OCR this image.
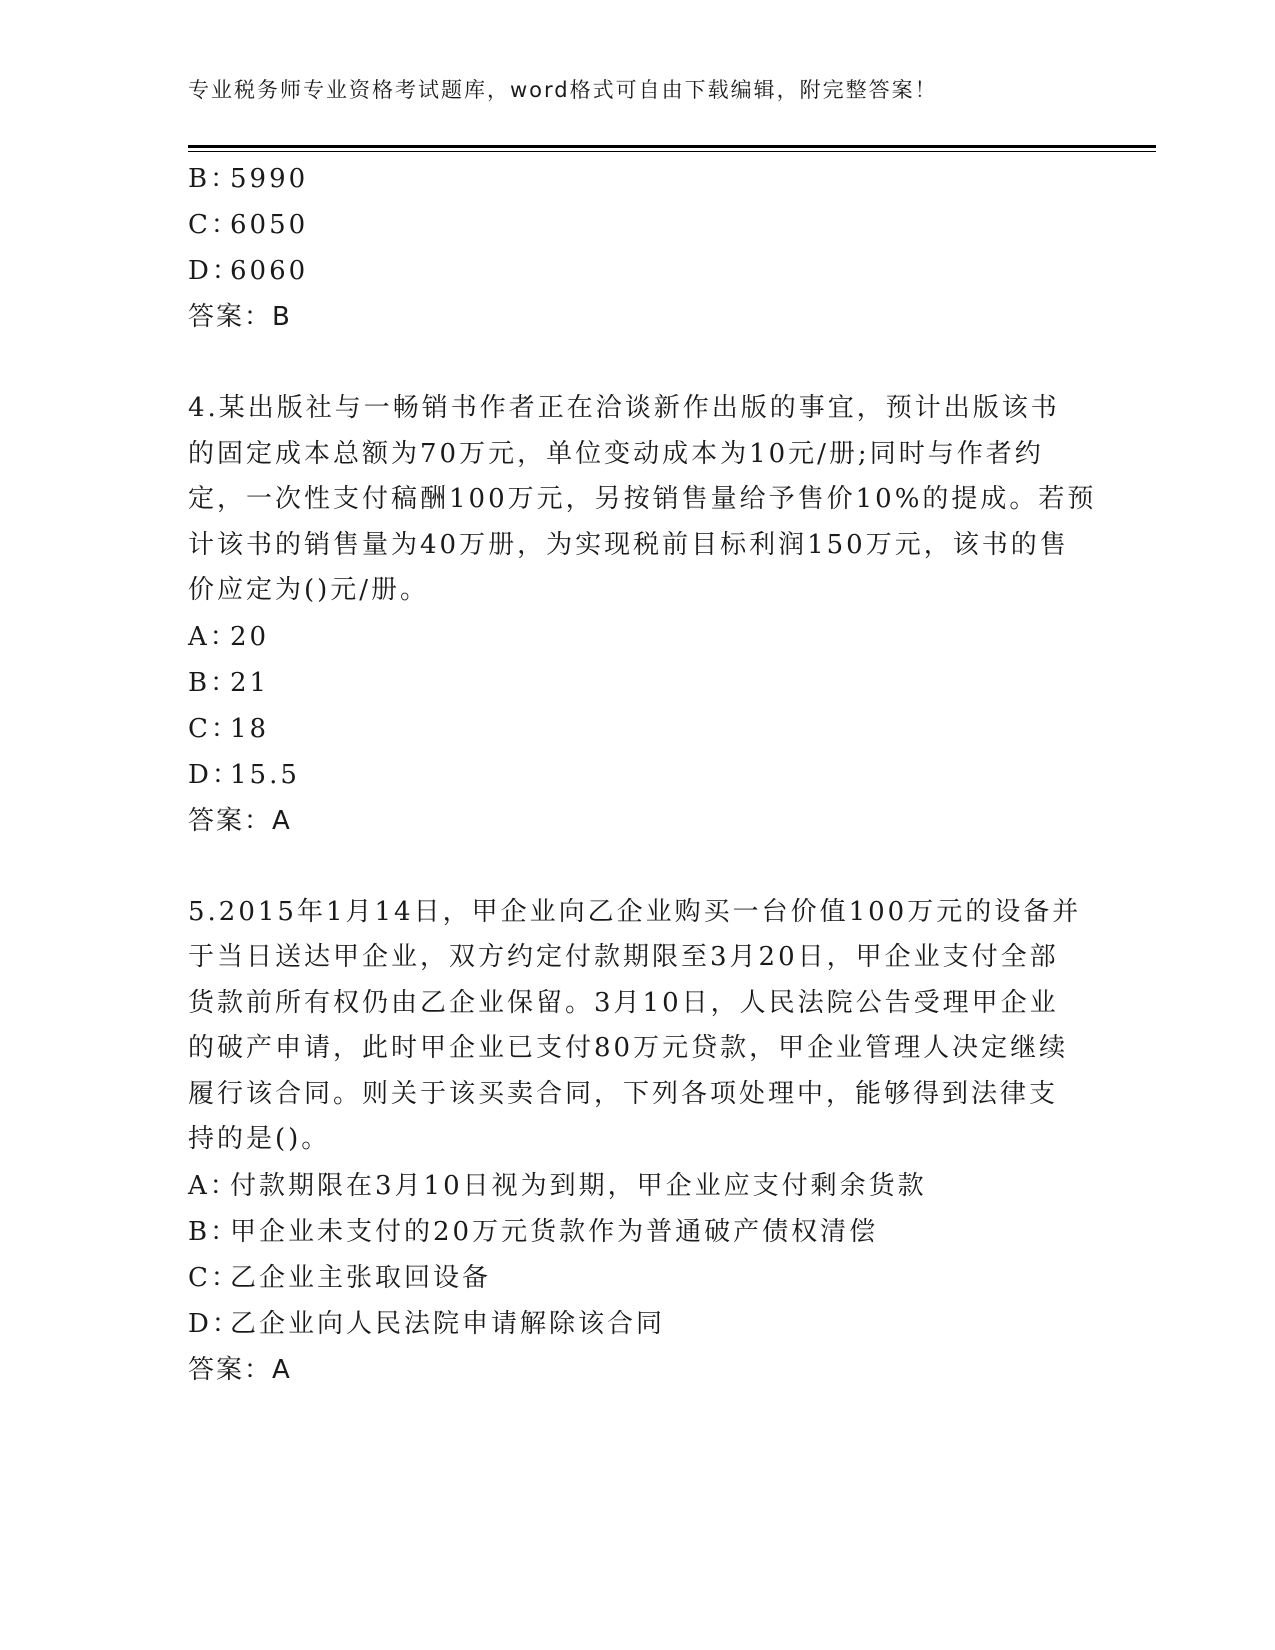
专业税务师专业资格考试题库，word格式可自由下载编辑，附完整答案！
B：5990
C：6050
D：6060
答案：B
4.某出版社与一畅销书作者正在洽谈新作出版的事宜，预计出版该书
的固定成本总额为70万元，单位变动成本为10元/册;同时与作者约
定，一次性支付稿酬100万元，另按销售量给予售价10%的提成。若预
计该书的销售量为40万册，为实现税前目标利润150万元，该书的售
价应定为()元/册。
A：20
B：21
C：18
D：15.5
答案：A
5.2015年1月14日，甲企业向乙企业购买一台价值100万元的设备并
于当日送达甲企业，双方约定付款期限至3月20日，甲企业支付全部
货款前所有权仍由乙企业保留。3月10日，人民法院公告受理甲企业
的破产申请，此时甲企业已支付80万元贷款，甲企业管理人决定继续
履行该合同。则关于该买卖合同，下列各项处理中，能够得到法律支
持的是()。
A：付款期限在3月10日视为到期，甲企业应支付剩余货款
B：甲企业未支付的20万元货款作为普通破产债权清偿
C：乙企业主张取回设备
D：乙企业向人民法院申请解除该合同
答案：A
